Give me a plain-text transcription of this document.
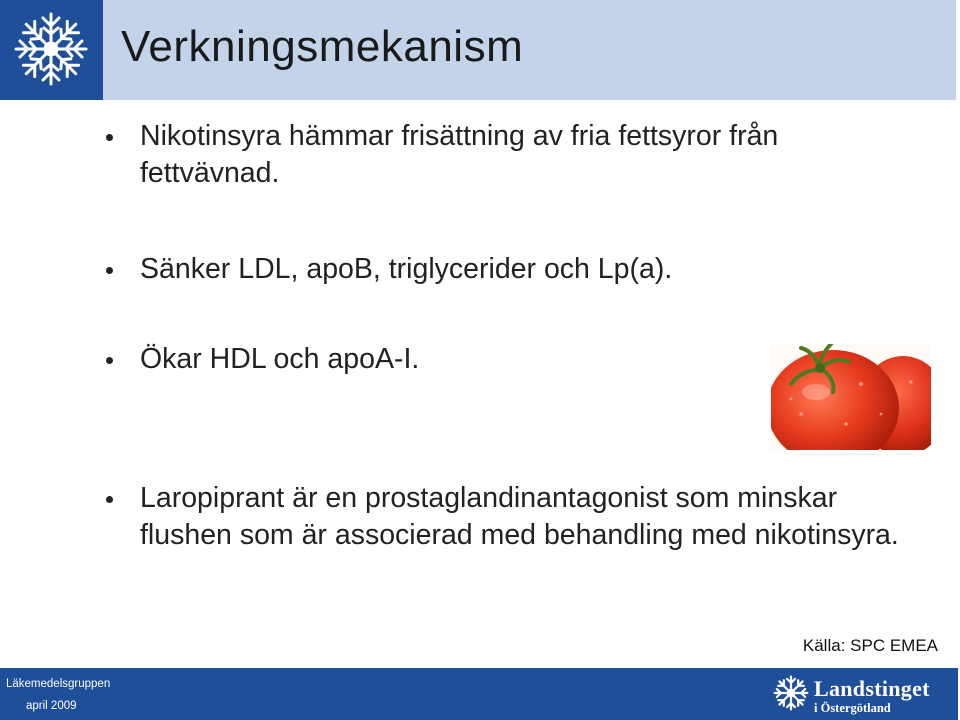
Verkningsmekanism
Nikotinsyra hämmar frisättning av fria fettsyror från fettvävnad.
Sänker LDL, apoB, triglycerider och Lp(a).
Ökar HDL och apoA-I.
Laropiprant är en prostaglandinantagonist som minskar flushen som är associerad med behandling med nikotinsyra.
Källa: SPC EMEA
Läkemedelsgruppen
april 2009
Landstinget
i Östergötland
